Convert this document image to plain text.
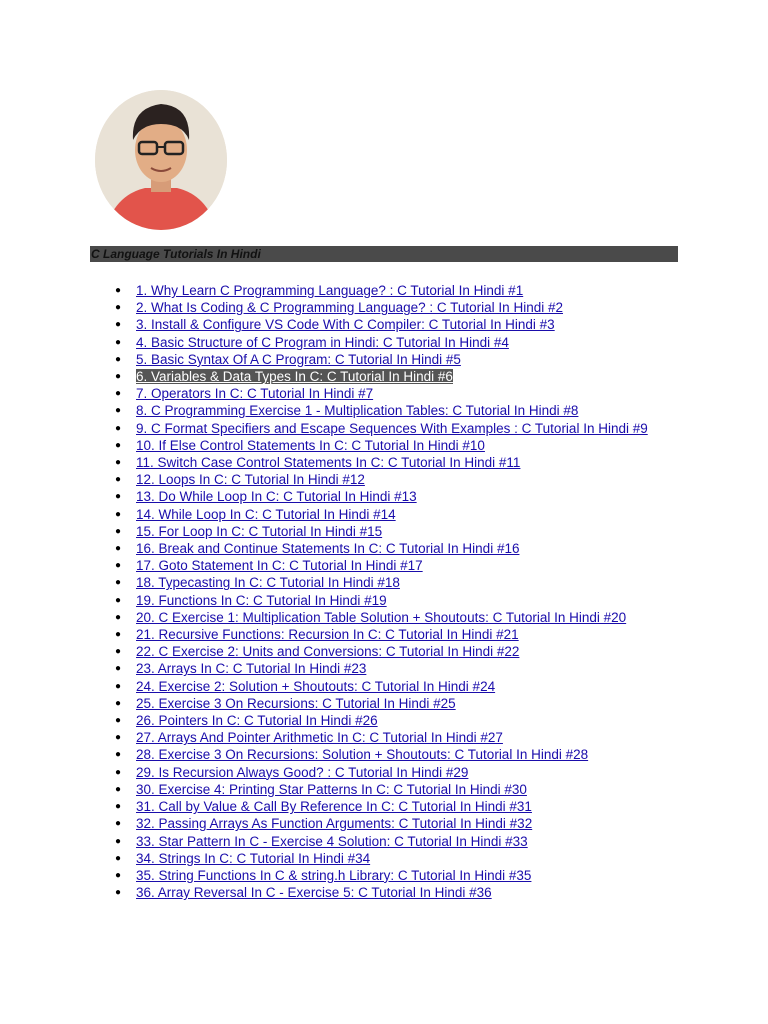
C Language Tutorials In Hindi
● 1. Why Learn C Programming Language? : C Tutorial In Hindi #1
● 2. What Is Coding & C Programming Language? : C Tutorial In Hindi #2
● 3. Install & Configure VS Code With C Compiler: C Tutorial In Hindi #3
● 4. Basic Structure of C Program in Hindi: C Tutorial In Hindi #4
● 5. Basic Syntax Of A C Program: C Tutorial In Hindi #5
● 6. Variables & Data Types In C: C Tutorial In Hindi #6
● 7. Operators In C: C Tutorial In Hindi #7
● 8. C Programming Exercise 1 - Multiplication Tables: C Tutorial In Hindi #8
● 9. C Format Specifiers and Escape Sequences With Examples : C Tutorial In Hindi #9
● 10. If Else Control Statements In C: C Tutorial In Hindi #10
● 11. Switch Case Control Statements In C: C Tutorial In Hindi #11
● 12. Loops In C: C Tutorial In Hindi #12
● 13. Do While Loop In C: C Tutorial In Hindi #13
● 14. While Loop In C: C Tutorial In Hindi #14
● 15. For Loop In C: C Tutorial In Hindi #15
● 16. Break and Continue Statements In C: C Tutorial In Hindi #16
● 17. Goto Statement In C: C Tutorial In Hindi #17
● 18. Typecasting In C: C Tutorial In Hindi #18
● 19. Functions In C: C Tutorial In Hindi #19
● 20. C Exercise 1: Multiplication Table Solution + Shoutouts: C Tutorial In Hindi #20
● 21. Recursive Functions: Recursion In C: C Tutorial In Hindi #21
● 22. C Exercise 2: Units and Conversions: C Tutorial In Hindi #22
● 23. Arrays In C: C Tutorial In Hindi #23
● 24. Exercise 2: Solution + Shoutouts: C Tutorial In Hindi #24
● 25. Exercise 3 On Recursions: C Tutorial In Hindi #25
● 26. Pointers In C: C Tutorial In Hindi #26
● 27. Arrays And Pointer Arithmetic In C: C Tutorial In Hindi #27
● 28. Exercise 3 On Recursions: Solution + Shoutouts: C Tutorial In Hindi #28
● 29. Is Recursion Always Good? : C Tutorial In Hindi #29
● 30. Exercise 4: Printing Star Patterns In C: C Tutorial In Hindi #30
● 31. Call by Value & Call By Reference In C: C Tutorial In Hindi #31
● 32. Passing Arrays As Function Arguments: C Tutorial In Hindi #32
● 33. Star Pattern In C - Exercise 4 Solution: C Tutorial In Hindi #33
● 34. Strings In C: C Tutorial In Hindi #34
● 35. String Functions In C & string.h Library: C Tutorial In Hindi #35
● 36. Array Reversal In C - Exercise 5: C Tutorial In Hindi #36
